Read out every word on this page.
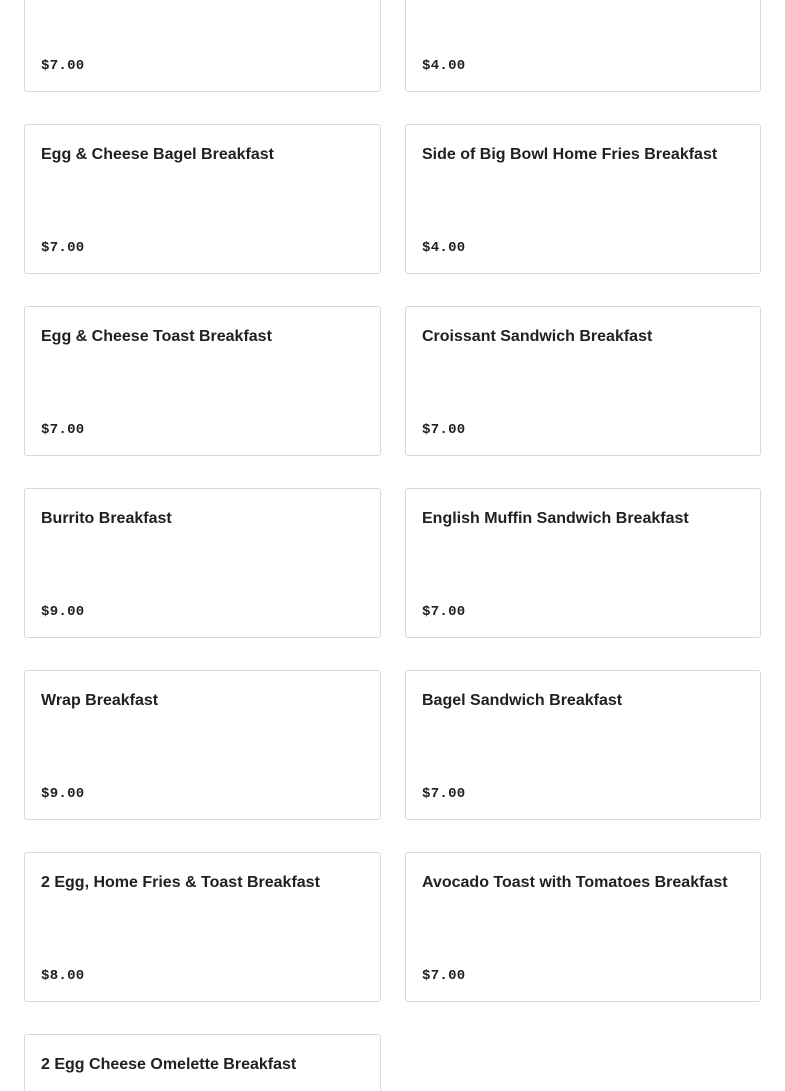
$7.00	$4.00
Egg & Cheese Bagel Breakfast
$7.00
Side of Big Bowl Home Fries Breakfast
$4.00
Egg & Cheese Toast Breakfast
$7.00
Croissant Sandwich Breakfast
$7.00
Burrito Breakfast
$9.00
English Muffin Sandwich Breakfast
$7.00
Wrap Breakfast
$9.00
Bagel Sandwich Breakfast
$7.00
2 Egg, Home Fries & Toast Breakfast
$8.00
Avocado Toast with Tomatoes Breakfast
$7.00
2 Egg Cheese Omelette Breakfast
